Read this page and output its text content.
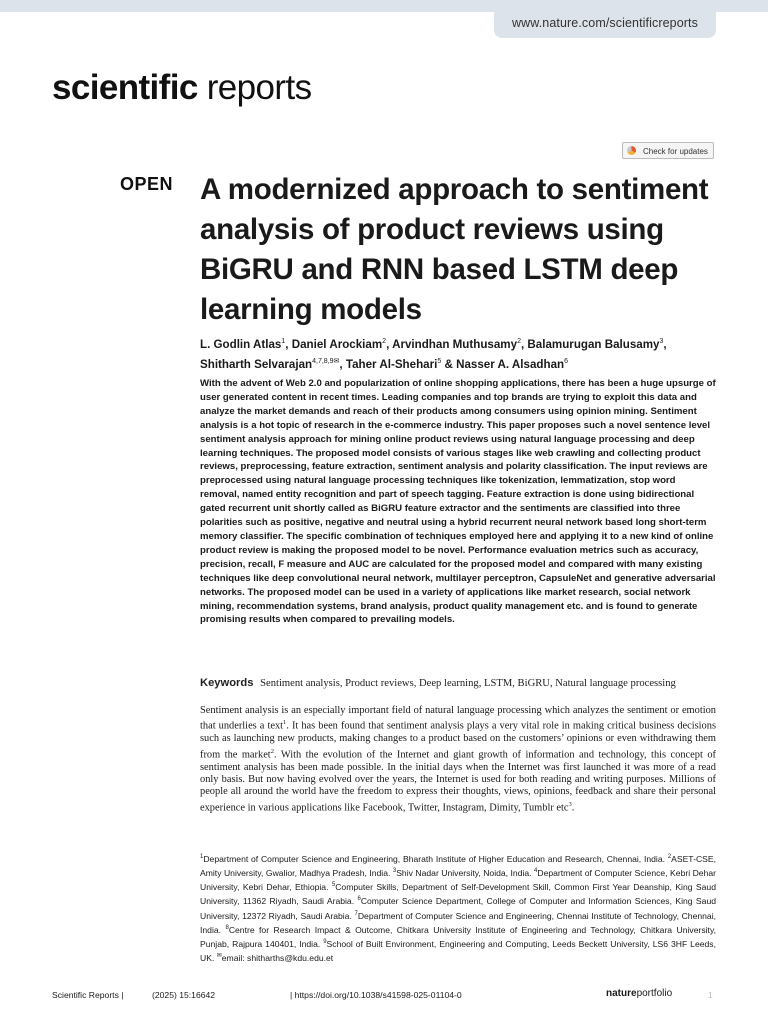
www.nature.com/scientificreports
scientific reports
Check for updates
OPEN A modernized approach to sentiment analysis of product reviews using BiGRU and RNN based LSTM deep learning models
L. Godlin Atlas$^1$, Daniel Arockiam$^2$, Arvindhan Muthusamy$^2$, Balamurugan Balusamy$^3$, Shitharth Selvarajan$^{4,7,8,9✉}$, Taher Al-Shehari$^5$ & Nasser A. Alsadhan$^6$

With the advent of Web 2.0 and popularization of online shopping applications, there has been a huge upsurge of user generated content in recent times. Leading companies and top brands are trying to exploit this data and analyze the market demands and reach of their products among consumers using opinion mining. Sentiment analysis is a hot topic of research in the e-commerce industry. This paper proposes such a novel sentence level sentiment analysis approach for mining online product reviews using natural language processing and deep learning techniques. The proposed model consists of various stages like web crawling and collecting product reviews, preprocessing, feature extraction, sentiment analysis and polarity classification. The input reviews are preprocessed using natural language processing techniques like tokenization, lemmatization, stop word removal, named entity recognition and part of speech tagging. Feature extraction is done using bidirectional gated recurrent unit shortly called as BiGRU feature extractor and the sentiments are classified into three polarities such as positive, negative and neutral using a hybrid recurrent neural network based long short-term memory classifier. The specific combination of techniques employed here and applying it to a new kind of online product review is making the proposed model to be novel. Performance evaluation metrics such as accuracy, precision, recall, F measure and AUC are calculated for the proposed model and compared with many existing techniques like deep convolutional neural network, multilayer perceptron, CapsuleNet and generative adversarial networks. The proposed model can be used in a variety of applications like market research, social network mining, recommendation systems, brand analysis, product quality management etc. and is found to generate promising results when compared to prevailing models.

Keywords Sentiment analysis, Product reviews, Deep learning, LSTM, BiGRU, Natural language processing

Sentiment analysis is an especially important field of natural language processing which analyzes the sentiment or emotion that underlies a text$^1$. It has been found that sentiment analysis plays a very vital role in making critical business decisions such as launching new products, making changes to a product based on the customers’ opinions or even withdrawing them from the market$^2$. With the evolution of the Internet and giant growth of information and technology, this concept of sentiment analysis has been made possible. In the initial days when the Internet was first launched it was more of a read only basis. But now having evolved over the years, the Internet is used for both reading and writing purposes. Millions of people all around the world have the freedom to express their thoughts, views, opinions, feedback and share their personal experience in various applications like Facebook, Twitter, Instagram, Dimity, Tumblr etc$^3$.

$^1$Department of Computer Science and Engineering, Bharath Institute of Higher Education and Research, Chennai, India. $^2$ASET-CSE, Amity University, Gwalior, Madhya Pradesh, India. $^3$Shiv Nadar University, Noida, India. $^4$Department of Computer Science, Kebri Dehar University, Kebri Dehar, Ethiopia. $^5$Computer Skills, Department of Self-Development Skill, Common First Year Deanship, King Saud University, 11362 Riyadh, Saudi Arabia. $^6$Computer Science Department, College of Computer and Information Sciences, King Saud University, 12372 Riyadh, Saudi Arabia. $^7$Department of Computer Science and Engineering, Chennai Institute of Technology, Chennai, India. $^8$Centre for Research Impact & Outcome, Chitkara University Institute of Engineering and Technology, Chitkara University, Punjab, Rajpura 140401, India. $^9$School of Built Environment, Engineering and Computing, Leeds Beckett University, LS6 3HF Leeds, UK. ✉email: shitharths@kdu.edu.et

Scientific Reports |	(2025) 15:16642	| https://doi.org/10.1038/s41598-025-01104-0	natureportfolio	1
